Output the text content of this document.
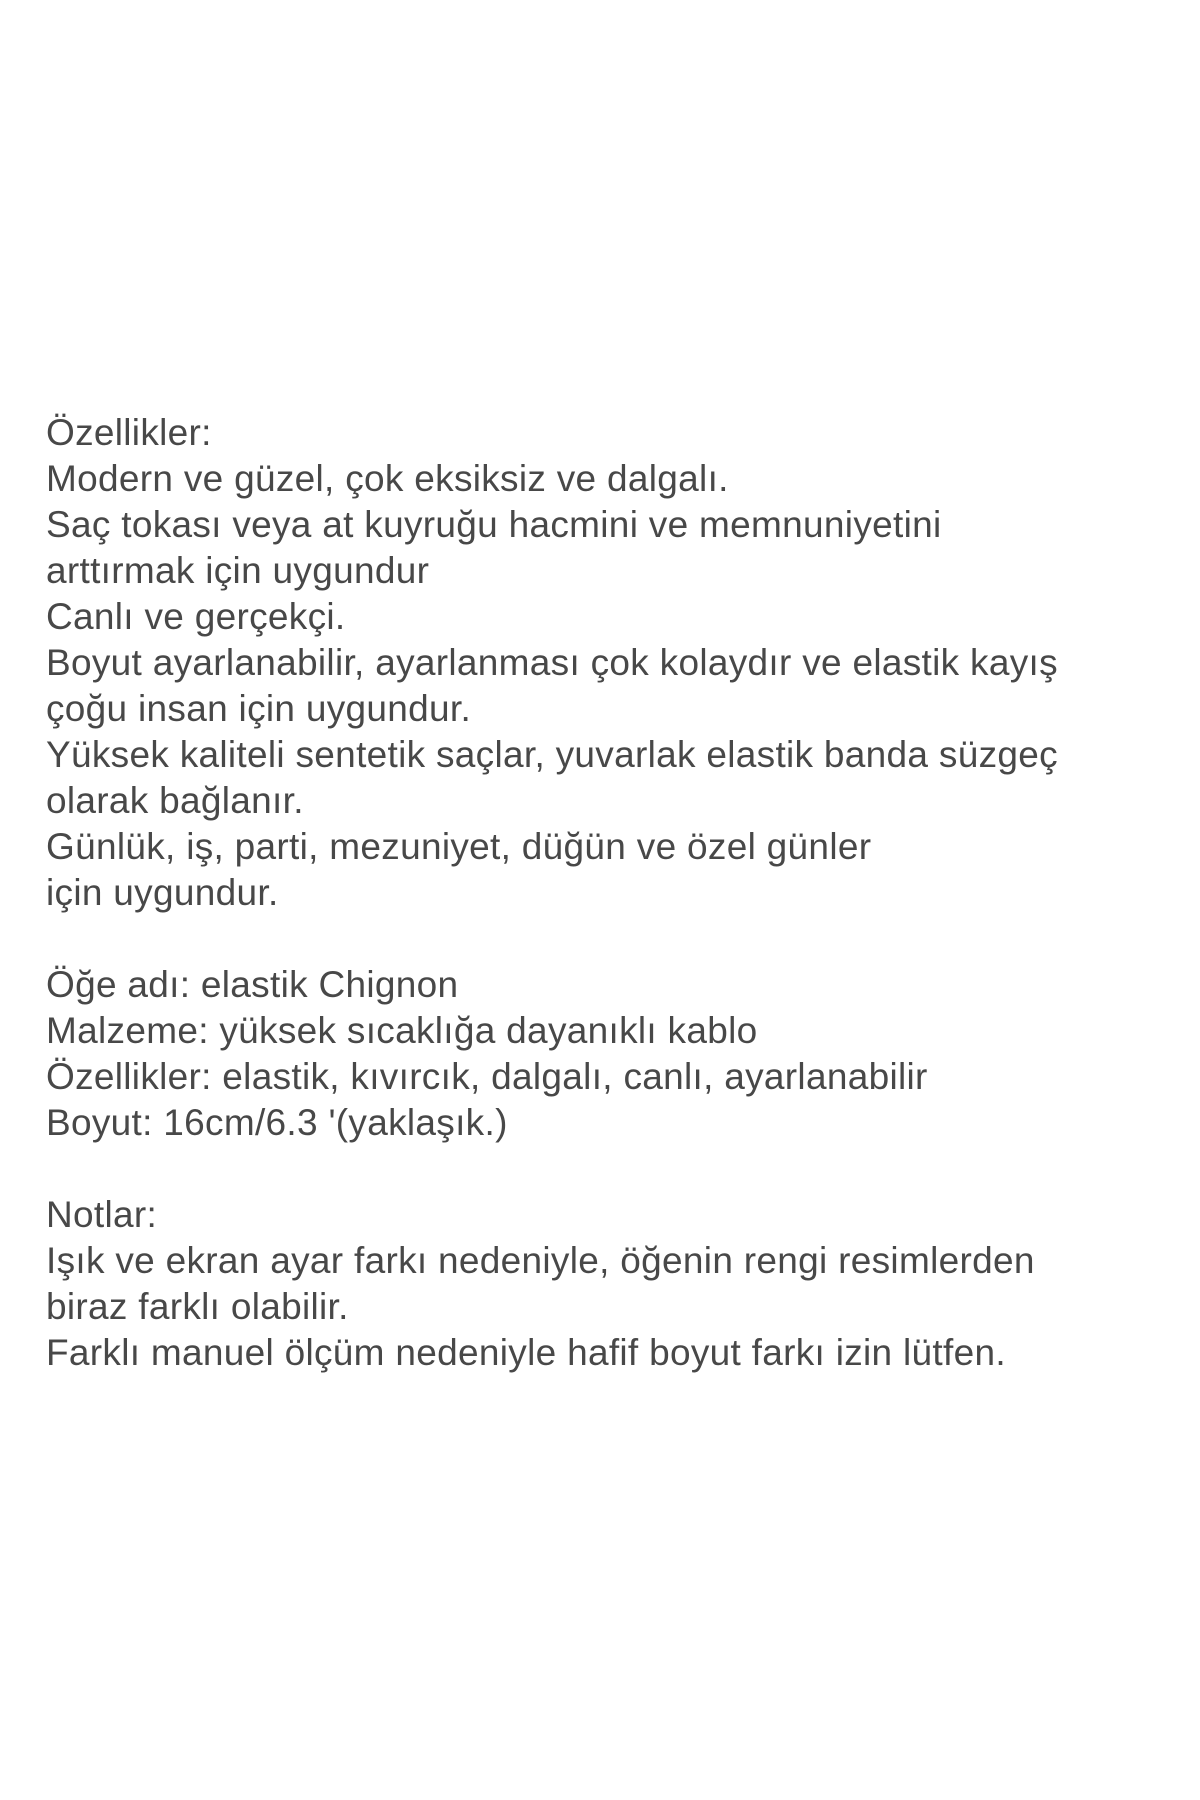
Özellikler:
Modern ve güzel, çok eksiksiz ve dalgalı.
Saç tokası veya at kuyruğu hacmini ve memnuniyetini
arttırmak için uygundur
Canlı ve gerçekçi.
Boyut ayarlanabilir, ayarlanması çok kolaydır ve elastik kayış
çoğu insan için uygundur.
Yüksek kaliteli sentetik saçlar, yuvarlak elastik banda süzgeç
olarak bağlanır.
Günlük, iş, parti, mezuniyet, düğün ve özel günler
için uygundur.
Öğe adı: elastik Chignon
Malzeme: yüksek sıcaklığa dayanıklı kablo
Özellikler: elastik, kıvırcık, dalgalı, canlı, ayarlanabilir
Boyut: 16cm/6.3 '(yaklaşık.)
Notlar:
Işık ve ekran ayar farkı nedeniyle, öğenin rengi resimlerden
biraz farklı olabilir.
Farklı manuel ölçüm nedeniyle hafif boyut farkı izin lütfen.
